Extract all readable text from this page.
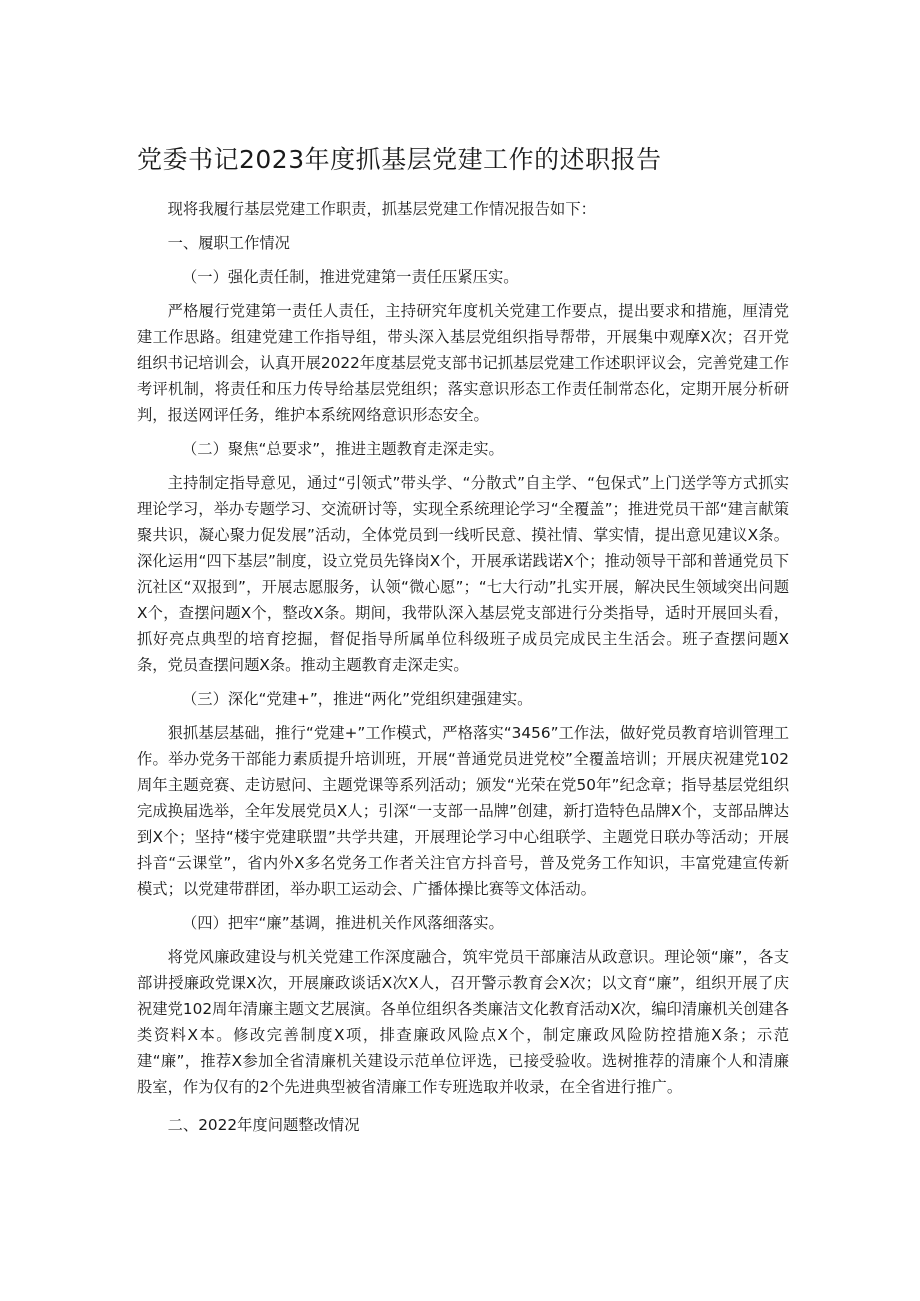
党委书记2023年度抓基层党建工作的述职报告

现将我履行基层党建工作职责，抓基层党建工作情况报告如下：

一、履职工作情况

（一）强化责任制，推进党建第一责任压紧压实。

严格履行党建第一责任人责任，主持研究年度机关党建工作要点，提出要求和措施，厘清党建工作思路。组建党建工作指导组，带头深入基层党组织指导帮带，开展集中观摩X次；召开党组织书记培训会，认真开展2022年度基层党支部书记抓基层党建工作述职评议会，完善党建工作考评机制，将责任和压力传导给基层党组织；落实意识形态工作责任制常态化，定期开展分析研判，报送网评任务，维护本系统网络意识形态安全。

（二）聚焦“总要求”，推进主题教育走深走实。

主持制定指导意见，通过“引领式”带头学、“分散式”自主学、“包保式”上门送学等方式抓实理论学习，举办专题学习、交流研讨等，实现全系统理论学习“全覆盖”；推进党员干部“建言献策聚共识，凝心聚力促发展”活动，全体党员到一线听民意、摸社情、掌实情，提出意见建议X条。深化运用“四下基层”制度，设立党员先锋岗X个，开展承诺践诺X个；推动领导干部和普通党员下沉社区“双报到”，开展志愿服务，认领“微心愿”；“七大行动”扎实开展，解决民生领域突出问题X个，查摆问题X个，整改X条。期间，我带队深入基层党支部进行分类指导，适时开展回头看，抓好亮点典型的培育挖掘，督促指导所属单位科级班子成员完成民主生活会。班子查摆问题X条，党员查摆问题X条。推动主题教育走深走实。

（三）深化“党建+”，推进“两化”党组织建强建实。

狠抓基层基础，推行“党建+”工作模式，严格落实“3456”工作法，做好党员教育培训管理工作。举办党务干部能力素质提升培训班，开展“普通党员进党校”全覆盖培训；开展庆祝建党102周年主题竞赛、走访慰问、主题党课等系列活动；颁发“光荣在党50年”纪念章；指导基层党组织完成换届选举，全年发展党员X人；引深“一支部一品牌”创建，新打造特色品牌X个，支部品牌达到X个；坚持“楼宇党建联盟”共学共建，开展理论学习中心组联学、主题党日联办等活动；开展抖音“云课堂”，省内外X多名党务工作者关注官方抖音号，普及党务工作知识，丰富党建宣传新模式；以党建带群团，举办职工运动会、广播体操比赛等文体活动。

（四）把牢“廉”基调，推进机关作风落细落实。

将党风廉政建设与机关党建工作深度融合，筑牢党员干部廉洁从政意识。理论领“廉”，各支部讲授廉政党课X次，开展廉政谈话X次X人，召开警示教育会X次；以文育“廉”，组织开展了庆祝建党102周年清廉主题文艺展演。各单位组织各类廉洁文化教育活动X次，编印清廉机关创建各类资料X本。修改完善制度X项，排查廉政风险点X个，制定廉政风险防控措施X条；示范建“廉”，推荐X参加全省清廉机关建设示范单位评选，已接受验收。选树推荐的清廉个人和清廉股室，作为仅有的2个先进典型被省清廉工作专班选取并收录，在全省进行推广。

二、2022年度问题整改情况
